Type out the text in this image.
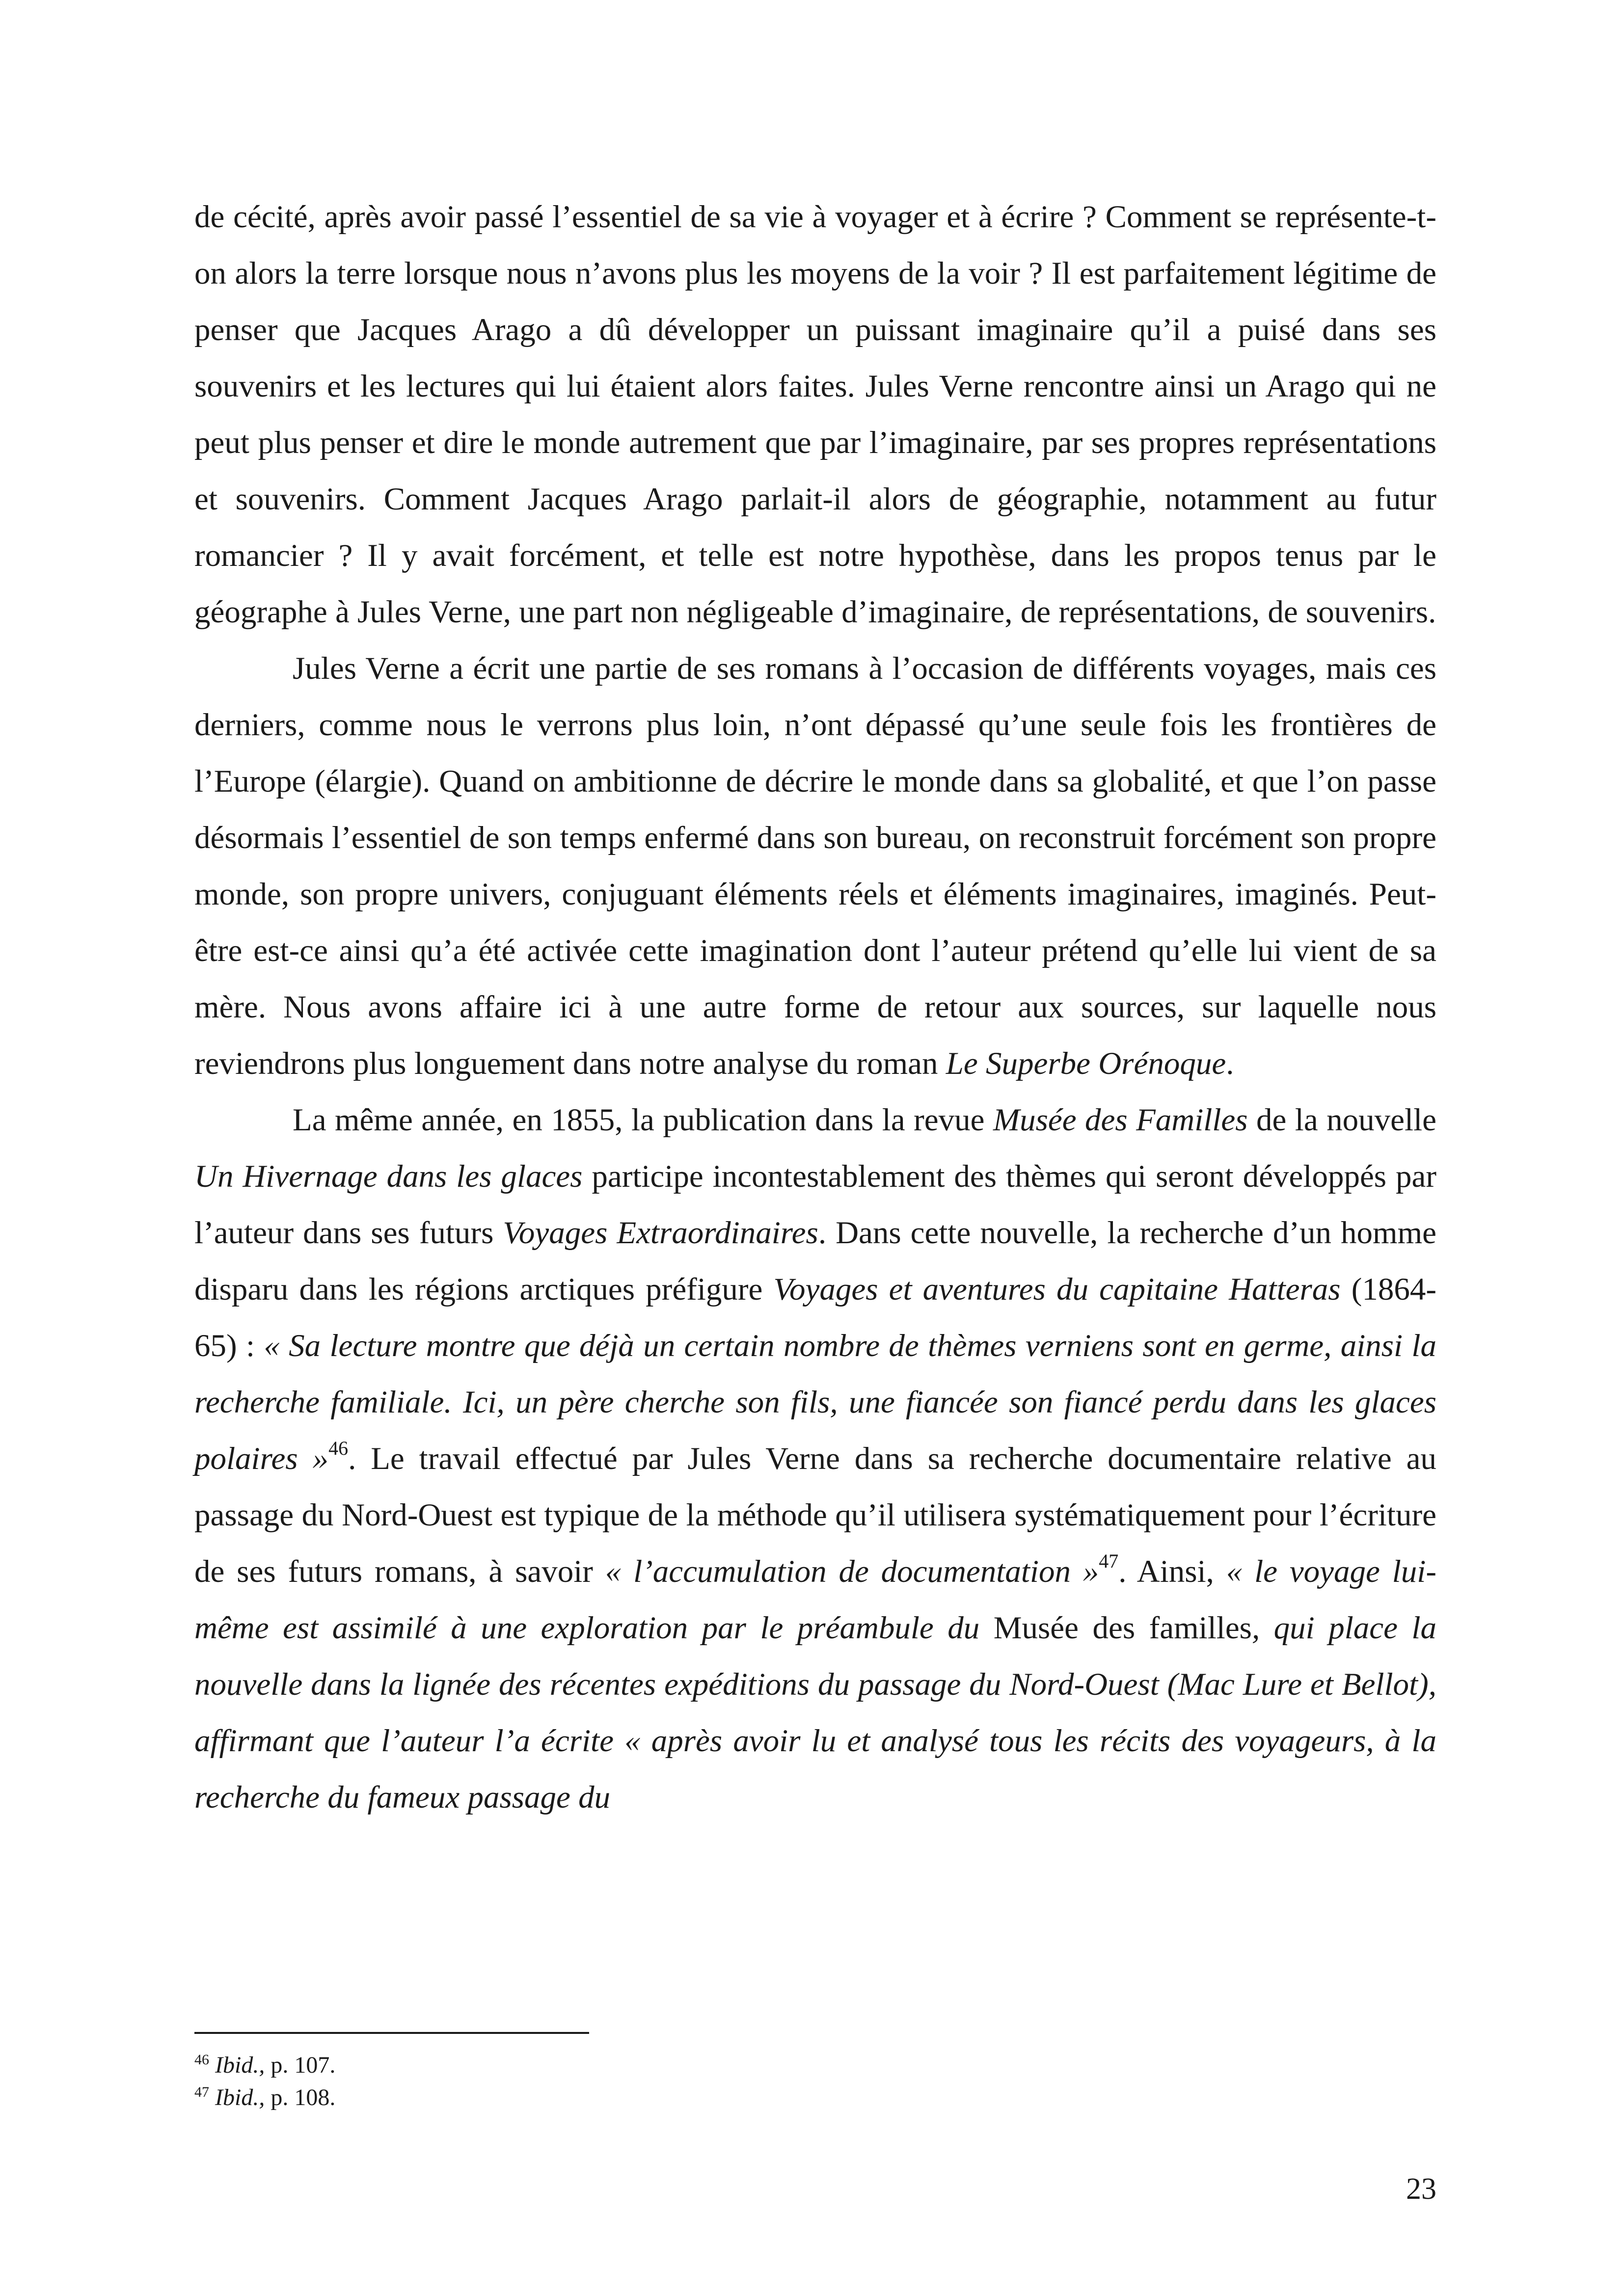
de cécité, après avoir passé l’essentiel de sa vie à voyager et à écrire ? Comment se représente-t-on alors la terre lorsque nous n’avons plus les moyens de la voir ? Il est parfaitement légitime de penser que Jacques Arago a dû développer un puissant imaginaire qu’il a puisé dans ses souvenirs et les lectures qui lui étaient alors faites. Jules Verne rencontre ainsi un Arago qui ne peut plus penser et dire le monde autrement que par l’imaginaire, par ses propres représentations et souvenirs. Comment Jacques Arago parlait-il alors de géographie, notamment au futur romancier ? Il y avait forcément, et telle est notre hypothèse, dans les propos tenus par le géographe à Jules Verne, une part non négligeable d’imaginaire, de représentations, de souvenirs.

Jules Verne a écrit une partie de ses romans à l’occasion de différents voyages, mais ces derniers, comme nous le verrons plus loin, n’ont dépassé qu’une seule fois les frontières de l’Europe (élargie). Quand on ambitionne de décrire le monde dans sa globalité, et que l’on passe désormais l’essentiel de son temps enfermé dans son bureau, on reconstruit forcément son propre monde, son propre univers, conjuguant éléments réels et éléments imaginaires, imaginés. Peut-être est-ce ainsi qu’a été activée cette imagination dont l’auteur prétend qu’elle lui vient de sa mère. Nous avons affaire ici à une autre forme de retour aux sources, sur laquelle nous reviendrons plus longuement dans notre analyse du roman Le Superbe Orénoque.

La même année, en 1855, la publication dans la revue Musée des Familles de la nouvelle Un Hivernage dans les glaces participe incontestablement des thèmes qui seront développés par l’auteur dans ses futurs Voyages Extraordinaires. Dans cette nouvelle, la recherche d’un homme disparu dans les régions arctiques préfigure Voyages et aventures du capitaine Hatteras (1864-65) : « Sa lecture montre que déjà un certain nombre de thèmes verniens sont en germe, ainsi la recherche familiale. Ici, un père cherche son fils, une fiancée son fiancé perdu dans les glaces polaires »$^{46}$. Le travail effectué par Jules Verne dans sa recherche documentaire relative au passage du Nord-Ouest est typique de la méthode qu’il utilisera systématiquement pour l’écriture de ses futurs romans, à savoir « l’accumulation de documentation »$^{47}$. Ainsi, « le voyage lui-même est assimilé à une exploration par le préambule du Musée des familles, qui place la nouvelle dans la lignée des récentes expéditions du passage du Nord-Ouest (Mac Lure et Bellot), affirmant que l’auteur l’a écrite « après avoir lu et analysé tous les récits des voyageurs, à la recherche du fameux passage du

$^{46}$ Ibid., p. 107.

$^{47}$ Ibid., p. 108.

23
